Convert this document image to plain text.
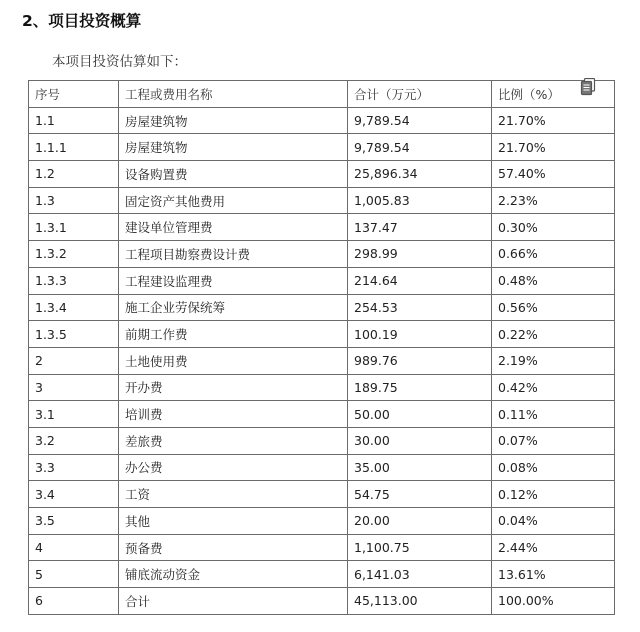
2、项目投资概算
本项目投资估算如下：
序号	工程或费用名称	合计（万元）	比例（%）
1.1	房屋建筑物	9,789.54	21.70%
1.1.1	房屋建筑物	9,789.54	21.70%
1.2	设备购置费	25,896.34	57.40%
1.3	固定资产其他费用	1,005.83	2.23%
1.3.1	建设单位管理费	137.47	0.30%
1.3.2	工程项目勘察费设计费	298.99	0.66%
1.3.3	工程建设监理费	214.64	0.48%
1.3.4	施工企业劳保统筹	254.53	0.56%
1.3.5	前期工作费	100.19	0.22%
2	土地使用费	989.76	2.19%
3	开办费	189.75	0.42%
3.1	培训费	50.00	0.11%
3.2	差旅费	30.00	0.07%
3.3	办公费	35.00	0.08%
3.4	工资	54.75	0.12%
3.5	其他	20.00	0.04%
4	预备费	1,100.75	2.44%
5	铺底流动资金	6,141.03	13.61%
6	合计	45,113.00	100.00%
